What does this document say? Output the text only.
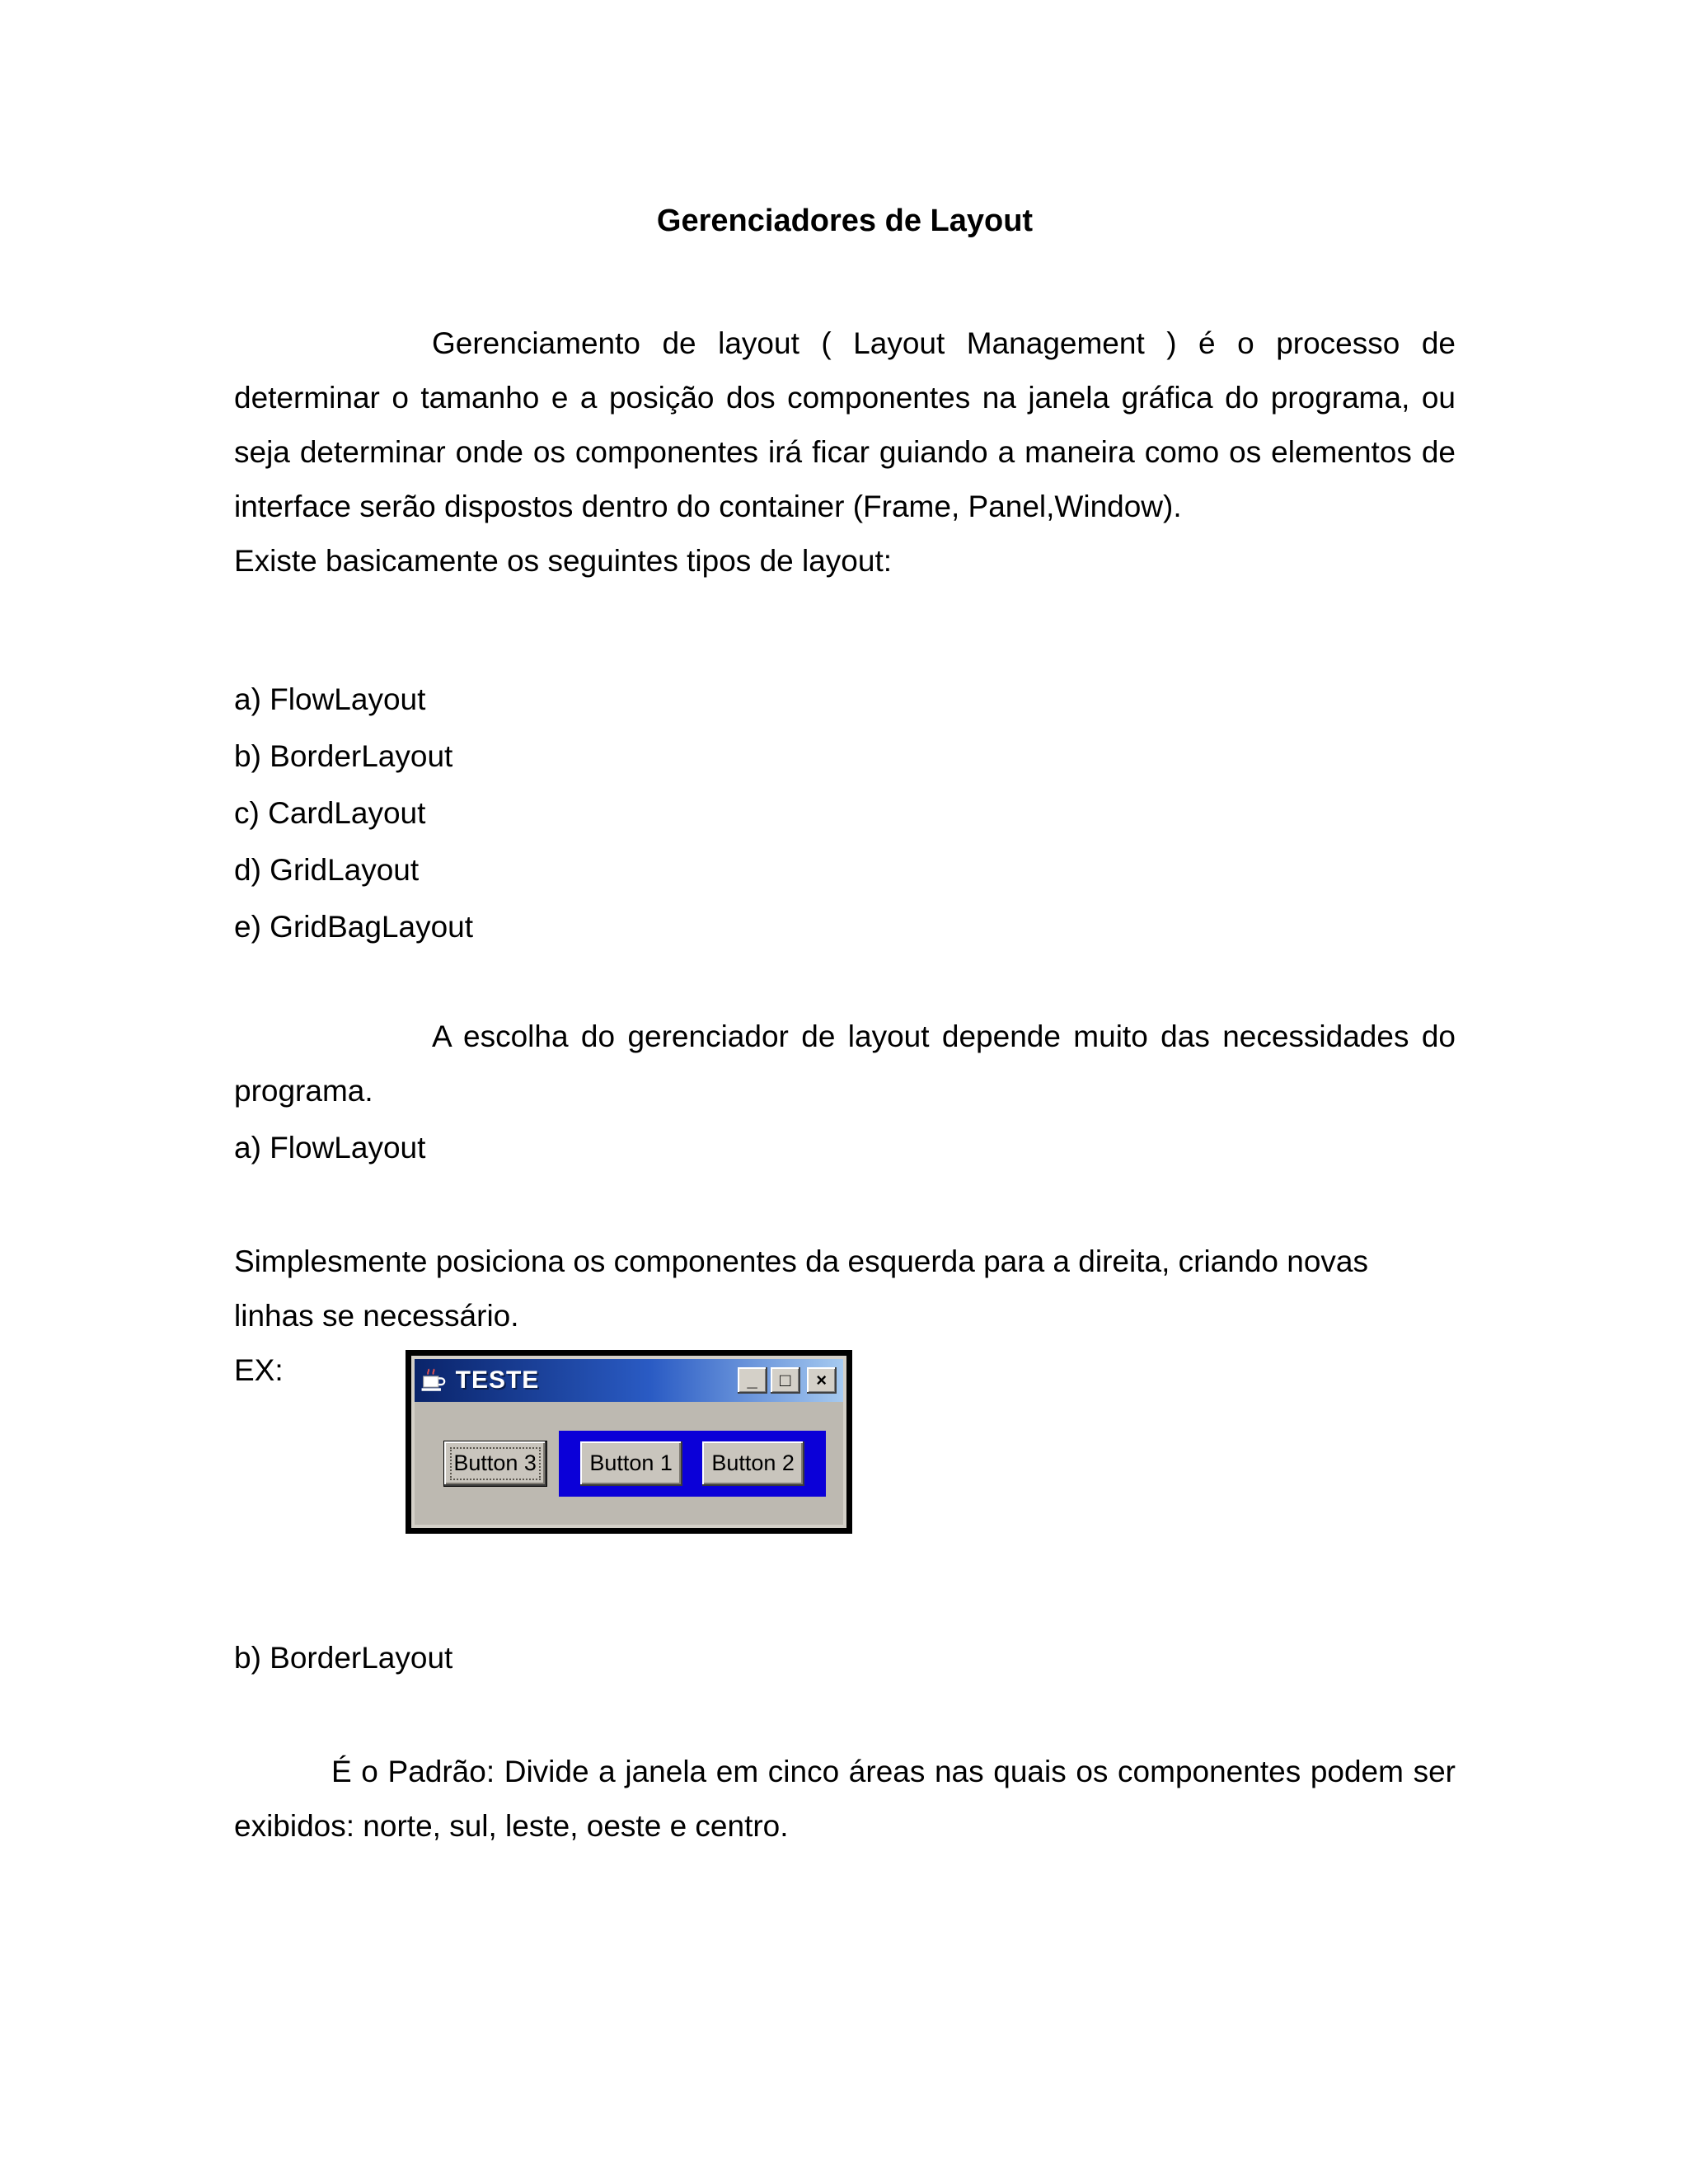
Gerenciadores de Layout

Gerenciamento de layout ( Layout Management ) é o processo de determinar o tamanho e a posição dos componentes na janela gráfica do programa, ou seja determinar onde os componentes irá ficar guiando a maneira como os elementos de interface serão dispostos dentro do container (Frame, Panel,Window).

Existe basicamente os seguintes tipos de layout:

a) FlowLayout

b) BorderLayout

c) CardLayout

d) GridLayout

e) GridBagLayout

A escolha do gerenciador de layout depende muito das necessidades do programa.

a) FlowLayout

Simplesmente posiciona os componentes da esquerda para a direita, criando novas linhas se necessário.

EX:	TESTE	_	□	×
Button 3	Button 1	Button 2

b) BorderLayout

É o Padrão: Divide a janela em cinco áreas nas quais os componentes podem ser exibidos: norte, sul, leste, oeste e centro.
